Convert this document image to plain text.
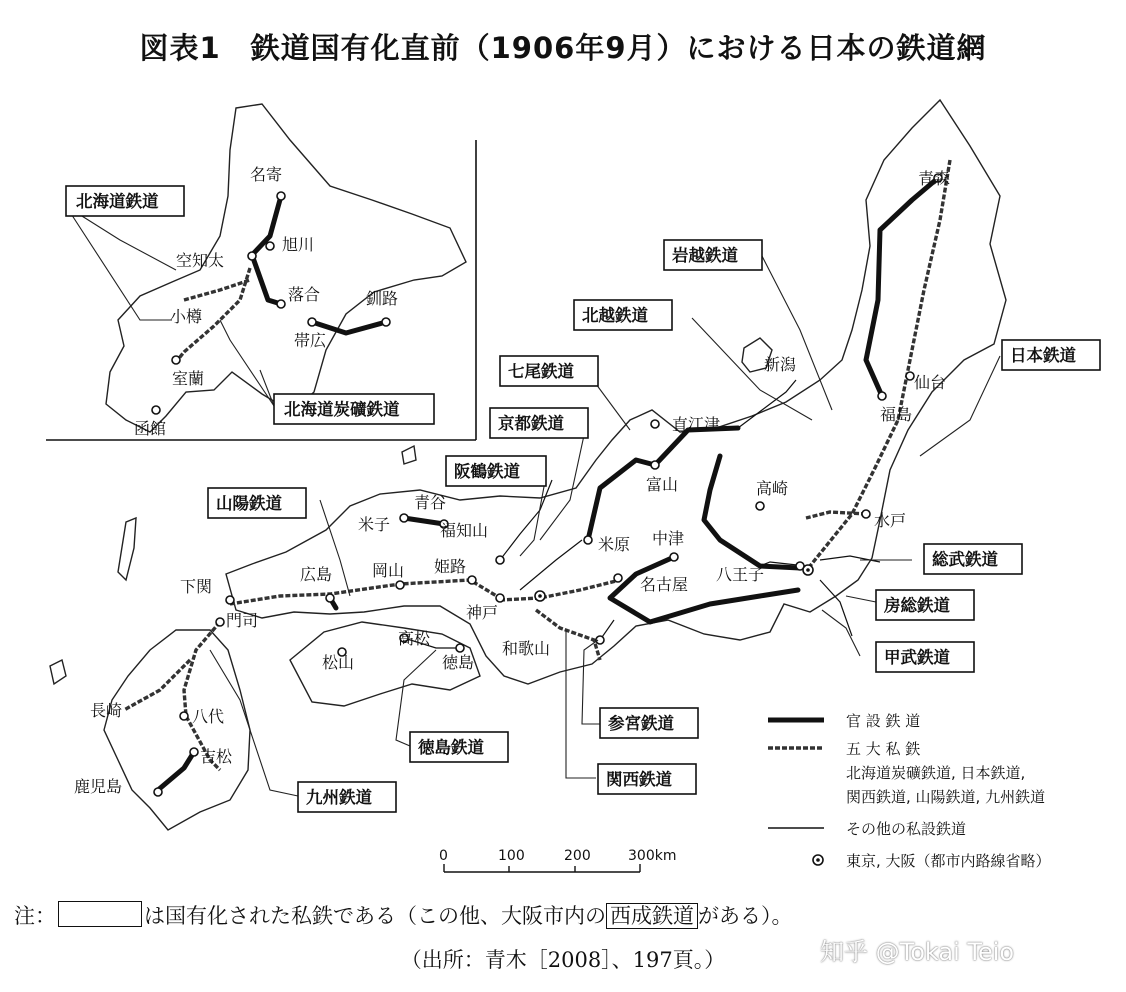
図表1　鉄道国有化直前（1906年9月）における日本の鉄道網
名寄
旭川
空知太
落合
小樽
釧路
帯広
室蘭
函館
青森
仙台
福島
新潟
直江津
富山	高崎
水戸
八王子
中津
米原
名古屋
米子
青谷
福知山
広島 岡山 姫路
神戸
和歌山
下関
門司
高松
松山	徳島
長崎	八代
吉松
鹿児島
北海道鉄道
北海道炭礦鉄道
岩越鉄道
北越鉄道
七尾鉄道
京都鉄道
阪鶴鉄道
山陽鉄道
日本鉄道
総武鉄道
房総鉄道
甲武鉄道
参宮鉄道
関西鉄道
徳島鉄道
九州鉄道
官 設 鉄 道
五 大 私 鉄
北海道炭礦鉄道, 日本鉄道,
関西鉄道, 山陽鉄道, 九州鉄道
その他の私設鉄道
東京, 大阪（都市内路線省略）
0	100	200	300km
注：	は国有化された私鉄である（この他、大阪市内の 西成鉄道 がある）。
（出所：青木［2008］、197頁。）	知乎 @Tokai Teio
